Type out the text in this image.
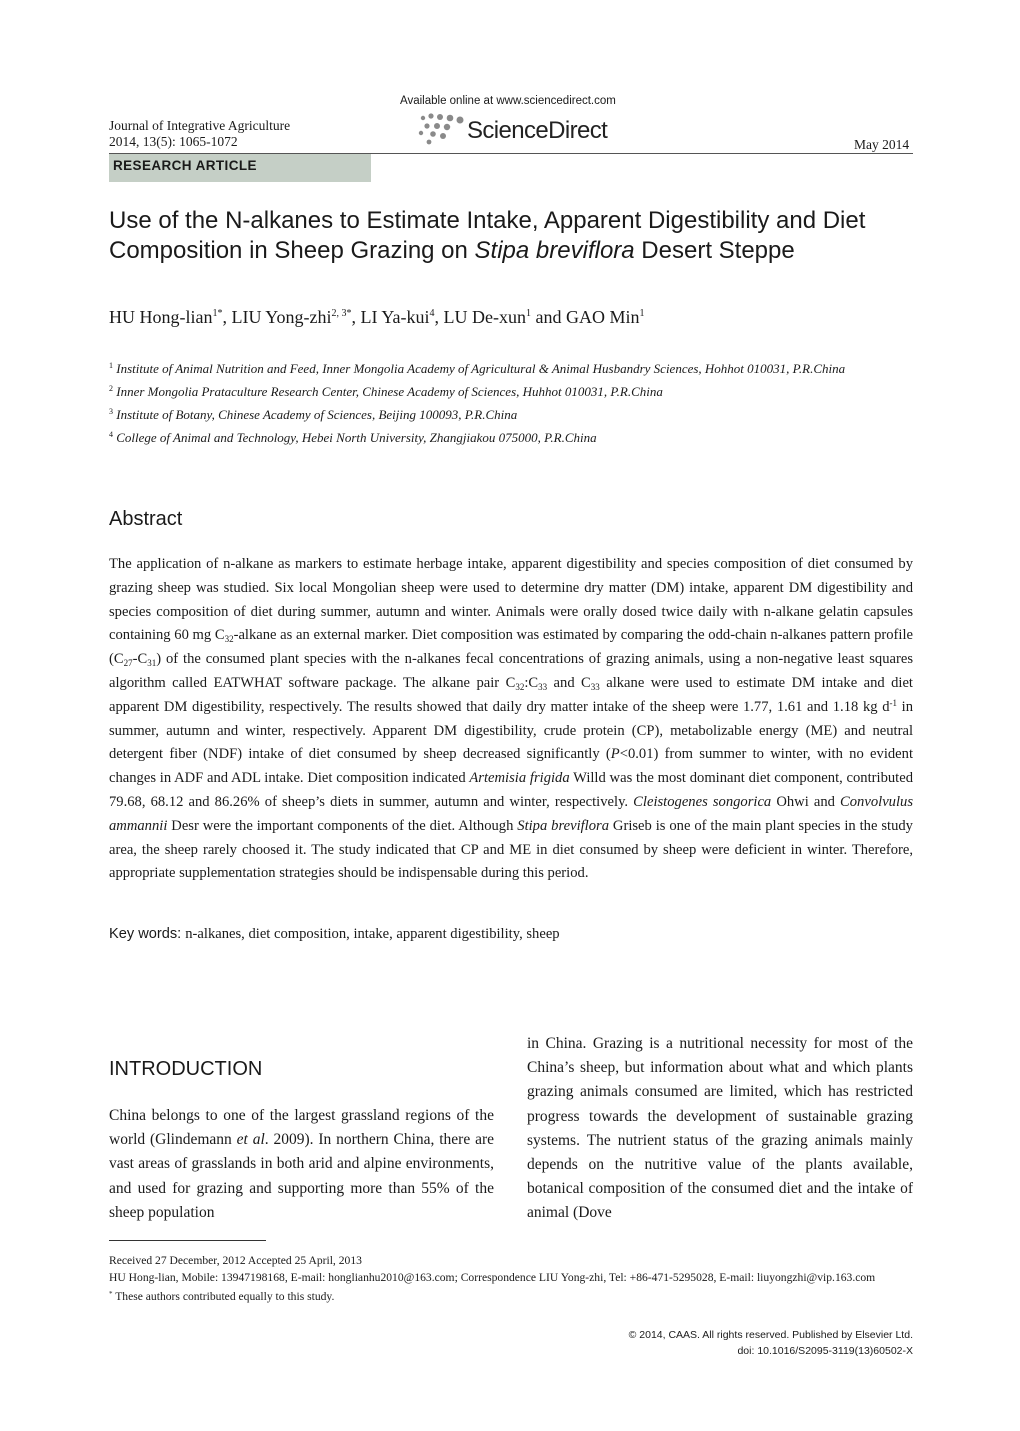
Journal of Integrative Agriculture
2014, 13(5): 1065-1072
Available online at www.sciencedirect.com
ScienceDirect
May 2014
RESEARCH ARTICLE

Use of the N-alkanes to Estimate Intake, Apparent Digestibility and Diet

Composition in Sheep Grazing on Stipa breviflora Desert Steppe

HU Hong-lian$^{1*}$, LIU Yong-zhi$^{2, 3*}$, LI Ya-kui$^4$, LU De-xun$^1$ and GAO Min$^1$
$^1$ Institute of Animal Nutrition and Feed, Inner Mongolia Academy of Agricultural & Animal Husbandry Sciences, Hohhot 010031, P.R.China
$^2$ Inner Mongolia Prataculture Research Center, Chinese Academy of Sciences, Huhhot 010031, P.R.China
$^3$ Institute of Botany, Chinese Academy of Sciences, Beijing 100093, P.R.China
$^4$ College of Animal and Technology, Hebei North University, Zhangjiakou 075000, P.R.China
Abstract

The application of n-alkane as markers to estimate herbage intake, apparent digestibility and species composition of diet consumed by grazing sheep was studied. Six local Mongolian sheep were used to determine dry matter (DM) intake, apparent DM digestibility and species composition of diet during summer, autumn and winter. Animals were orally dosed twice daily with n-alkane gelatin capsules containing 60 mg $C_{32}$-alkane as an external marker. Diet composition was estimated by comparing the odd-chain n-alkanes pattern profile $(C_{27}-C_{31})$ of the consumed plant species with the n-alkanes fecal concentrations of grazing animals, using a non-negative least squares algorithm called EATWHAT software package. The alkane pair $C_{32}:C_{33}$ and $C_{33}$ alkane were used to estimate DM intake and diet apparent DM digestibility, respectively. The results showed that daily dry matter intake of the sheep were 1.77, 1.61 and 1.18 kg $d^{-1}$ in summer, autumn and winter, respectively. Apparent DM digestibility, crude protein (CP), metabolizable energy (ME) and neutral detergent fiber (NDF) intake of diet consumed by sheep decreased significantly (P<0.01) from summer to winter, with no evident changes in ADF and ADL intake. Diet composition indicated Artemisia frigida Willd was the most dominant diet component, contributed 79.68, 68.12 and 86.26% of sheep’s diets in summer, autumn and winter, respectively. Cleistogenes songorica Ohwi and Convolvulus ammannii Desr were the important components of the diet. Although Stipa breviflora Griseb is one of the main plant species in the study area, the sheep rarely choosed it. The study indicated that CP and ME in diet consumed by sheep were deficient in winter. Therefore, appropriate supplementation strategies should be indispensable during this period.

Key words: n-alkanes, diet composition, intake, apparent digestibility, sheep
INTRODUCTION

China belongs to one of the largest grassland regions of the world (Glindemann et al. 2009). In northern China, there are vast areas of grasslands in both arid and alpine environments, and used for grazing and supporting more than 55% of the sheep population

in China. Grazing is a nutritional necessity for most of the China’s sheep, but information about what and which plants grazing animals consumed are limited, which has restricted progress towards the development of sustainable grazing systems. The nutrient status of the grazing animals mainly depends on the nutritive value of the plants available, botanical composition of the consumed diet and the intake of animal (Dove

Received 27 December, 2012 Accepted 25 April, 2013
HU Hong-lian, Mobile: 13947198168, E-mail: honglianhu2010@163.com; Correspondence LIU Yong-zhi, Tel: +86-471-5295028, E-mail: liuyongzhi@vip.163.com
* These authors contributed equally to this study.
© 2014, CAAS. All rights reserved. Published by Elsevier Ltd.
doi: 10.1016/S2095-3119(13)60502-X
